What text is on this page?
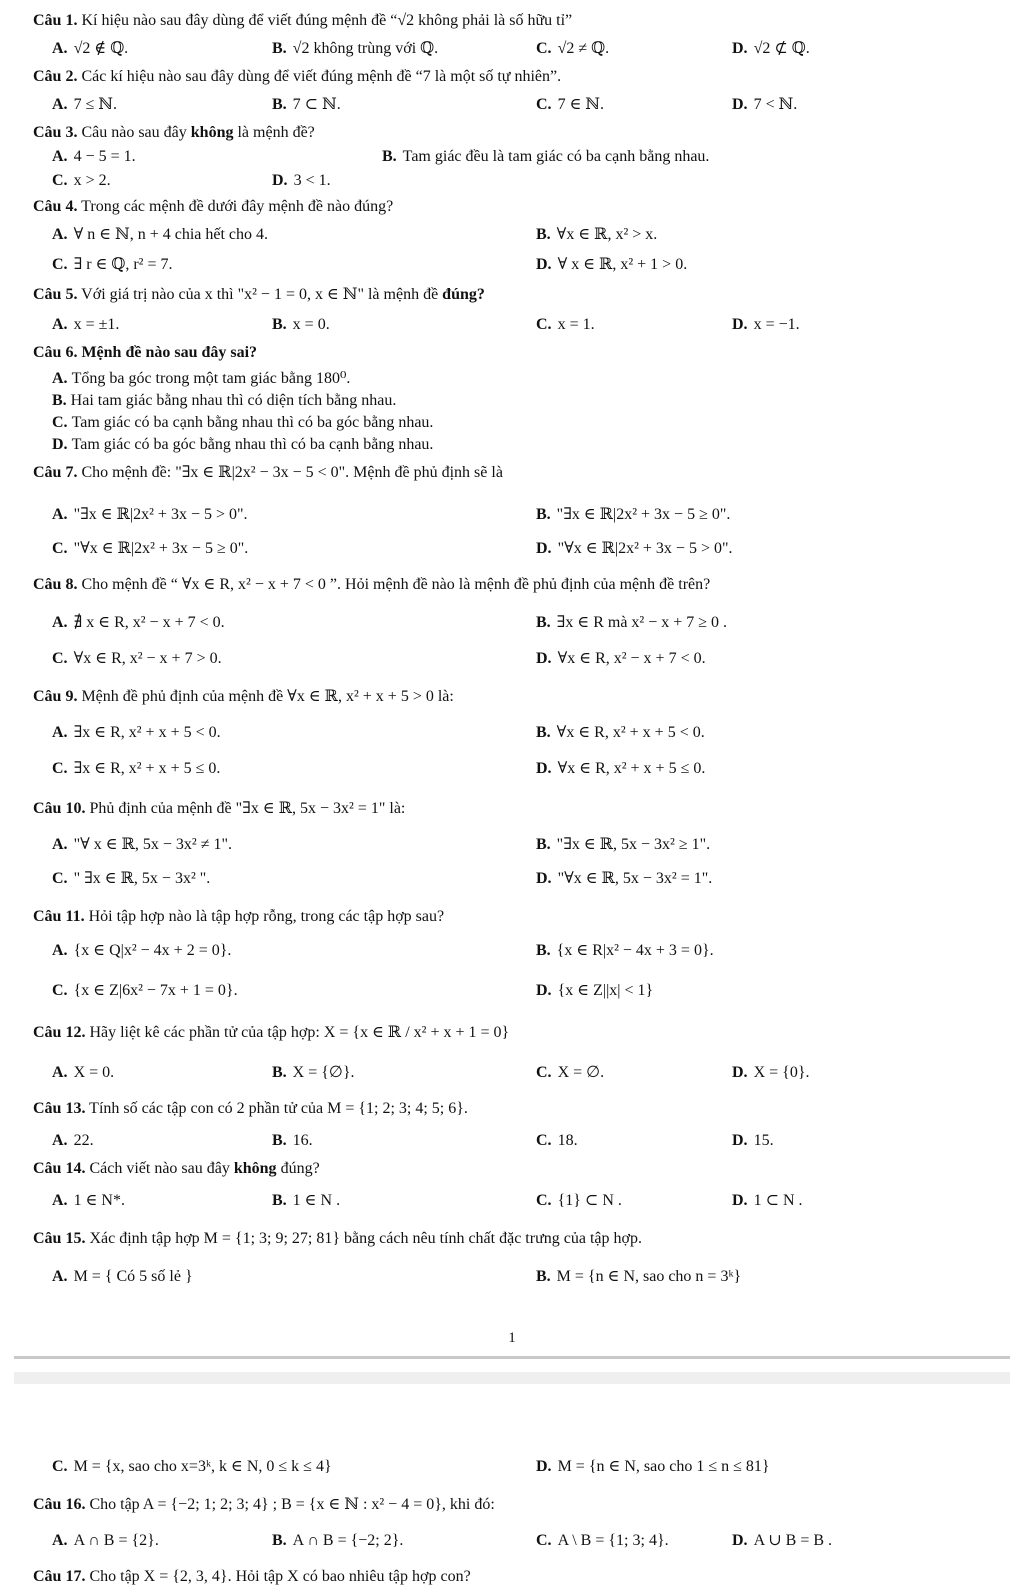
Câu 1. Kí hiệu nào sau đây dùng để viết đúng mệnh đề “√2 không phải là số hữu tỉ”
A. √2 ∉ ℚ.	B. √2 không trùng với ℚ.	C. √2 ≠ ℚ.	D. √2 ⊄ ℚ.
Câu 2. Các kí hiệu nào sau đây dùng để viết đúng mệnh đề “7 là một số tự nhiên”.
A. 7 ≤ ℕ.	B. 7 ⊂ ℕ.	C. 7 ∈ ℕ.	D. 7 < ℕ.
Câu 3. Câu nào sau đây không là mệnh đề?
A. 4 − 5 = 1.	B. Tam giác đều là tam giác có ba cạnh bằng nhau.
C. x > 2.	D. 3 < 1.
Câu 4. Trong các mệnh đề dưới đây mệnh đề nào đúng?
A. ∀ n ∈ ℕ, n + 4 chia hết cho 4.	B. ∀x ∈ ℝ, x² > x.
C. ∃ r ∈ ℚ, r² = 7.	D. ∀ x ∈ ℝ, x² + 1 > 0.
Câu 5. Với giá trị nào của x thì "x² − 1 = 0, x ∈ ℕ" là mệnh đề đúng?
A. x = ±1.	B. x = 0.	C. x = 1.	D. x = −1.
Câu 6. Mệnh đề nào sau đây sai?
A. Tổng ba góc trong một tam giác bằng 180⁰.
B. Hai tam giác bằng nhau thì có diện tích bằng nhau.
C. Tam giác có ba cạnh bằng nhau thì có ba góc bằng nhau.
D. Tam giác có ba góc bằng nhau thì có ba cạnh bằng nhau.
Câu 7. Cho mệnh đề: "∃x ∈ ℝ|2x² − 3x − 5 < 0". Mệnh đề phủ định sẽ là
A. "∃x ∈ ℝ|2x² + 3x − 5 > 0".	B. "∃x ∈ ℝ|2x² + 3x − 5 ≥ 0".
C. "∀x ∈ ℝ|2x² + 3x − 5 ≥ 0".	D. "∀x ∈ ℝ|2x² + 3x − 5 > 0".
Câu 8. Cho mệnh đề “ ∀x ∈ R, x² − x + 7 < 0 ”. Hỏi mệnh đề nào là mệnh đề phủ định của mệnh đề trên?
A. ∄ x ∈ R, x² − x + 7 < 0.	B. ∃x ∈ R mà x² − x + 7 ≥ 0 .
C. ∀x ∈ R, x² − x + 7 > 0.	D. ∀x ∈ R, x² − x + 7 < 0.
Câu 9. Mệnh đề phủ định của mệnh đề ∀x ∈ ℝ, x² + x + 5 > 0 là:
A. ∃x ∈ R, x² + x + 5 < 0.	B. ∀x ∈ R, x² + x + 5 < 0.
C. ∃x ∈ R, x² + x + 5 ≤ 0.	D. ∀x ∈ R, x² + x + 5 ≤ 0.
Câu 10. Phủ định của mệnh đề "∃x ∈ ℝ, 5x − 3x² = 1" là:
A. "∀ x ∈ ℝ, 5x − 3x² ≠ 1".	B. "∃x ∈ ℝ, 5x − 3x² ≥ 1".
C. " ∃x ∈ ℝ, 5x − 3x² ".	D. "∀x ∈ ℝ, 5x − 3x² = 1".
Câu 11. Hỏi tập hợp nào là tập hợp rỗng, trong các tập hợp sau?
A. {x ∈ Q|x² − 4x + 2 = 0}.	B. {x ∈ R|x² − 4x + 3 = 0}.
C. {x ∈ Z|6x² − 7x + 1 = 0}.	D. {x ∈ Z||x| < 1}
Câu 12. Hãy liệt kê các phần tử của tập hợp: X = {x ∈ ℝ / x² + x + 1 = 0}
A. X = 0.	B. X = {∅}.	C. X = ∅.	D. X = {0}.
Câu 13. Tính số các tập con có 2 phần tử của M = {1; 2; 3; 4; 5; 6}.
A. 22.	B. 16.	C. 18.	D. 15.
Câu 14. Cách viết nào sau đây không đúng?
A. 1 ∈ N*.	B. 1 ∈ N .	C. {1} ⊂ N .	D. 1 ⊂ N .
Câu 15. Xác định tập hợp M = {1; 3; 9; 27; 81} bằng cách nêu tính chất đặc trưng của tập hợp.
A. M = { Có 5 số lẻ }	B. M = {n ∈ N, sao cho n = 3ᵏ}
1
C. M = {x, sao cho x=3ᵏ, k ∈ N, 0 ≤ k ≤ 4}	D. M = {n ∈ N, sao cho 1 ≤ n ≤ 81}
Câu 16. Cho tập A = {−2; 1; 2; 3; 4} ; B = {x ∈ ℕ : x² − 4 = 0}, khi đó:
A. A ∩ B = {2}.	B. A ∩ B = {−2; 2}.	C. A \ B = {1; 3; 4}.	D. A ∪ B = B .
Câu 17. Cho tập X = {2, 3, 4}. Hỏi tập X có bao nhiêu tập hợp con?
